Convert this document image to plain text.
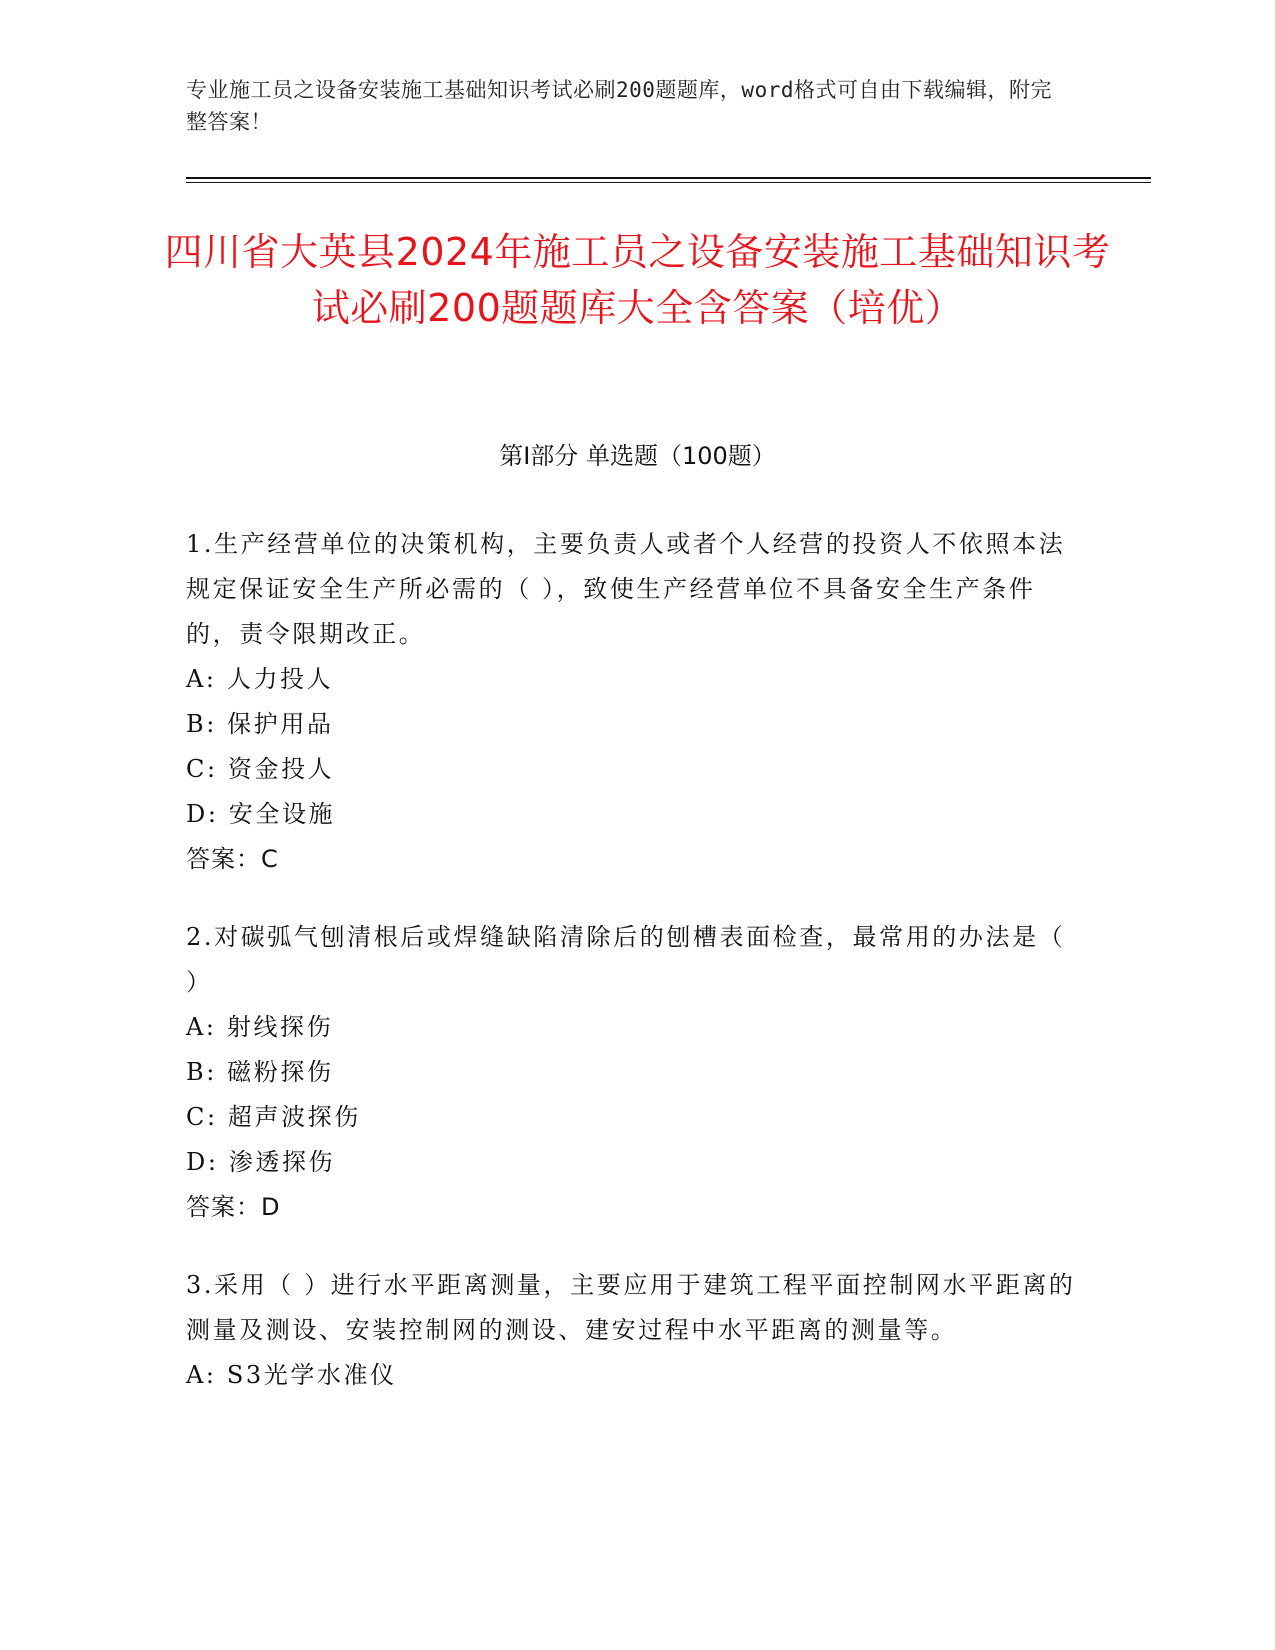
专业施工员之设备安装施工基础知识考试必刷200题题库，word格式可自由下载编辑，附完整答案！
四川省大英县2024年施工员之设备安装施工基础知识考试必刷200题题库大全含答案（培优）
第I部分 单选题（100题）
1.生产经营单位的决策机构，主要负责人或者个人经营的投资人不依照本法规定保证安全生产所必需的（ ），致使生产经营单位不具备安全生产条件的，责令限期改正。
A: 人力投人
B: 保护用品
C: 资金投人
D: 安全设施
答案：C
2.对碳弧气刨清根后或焊缝缺陷清除后的刨槽表面检查，最常用的办法是（ ）
A: 射线探伤
B: 磁粉探伤
C: 超声波探伤
D: 渗透探伤
答案：D
3.采用（ ）进行水平距离测量，主要应用于建筑工程平面控制网水平距离的测量及测设、安装控制网的测设、建安过程中水平距离的测量等。
A: S3光学水准仪
